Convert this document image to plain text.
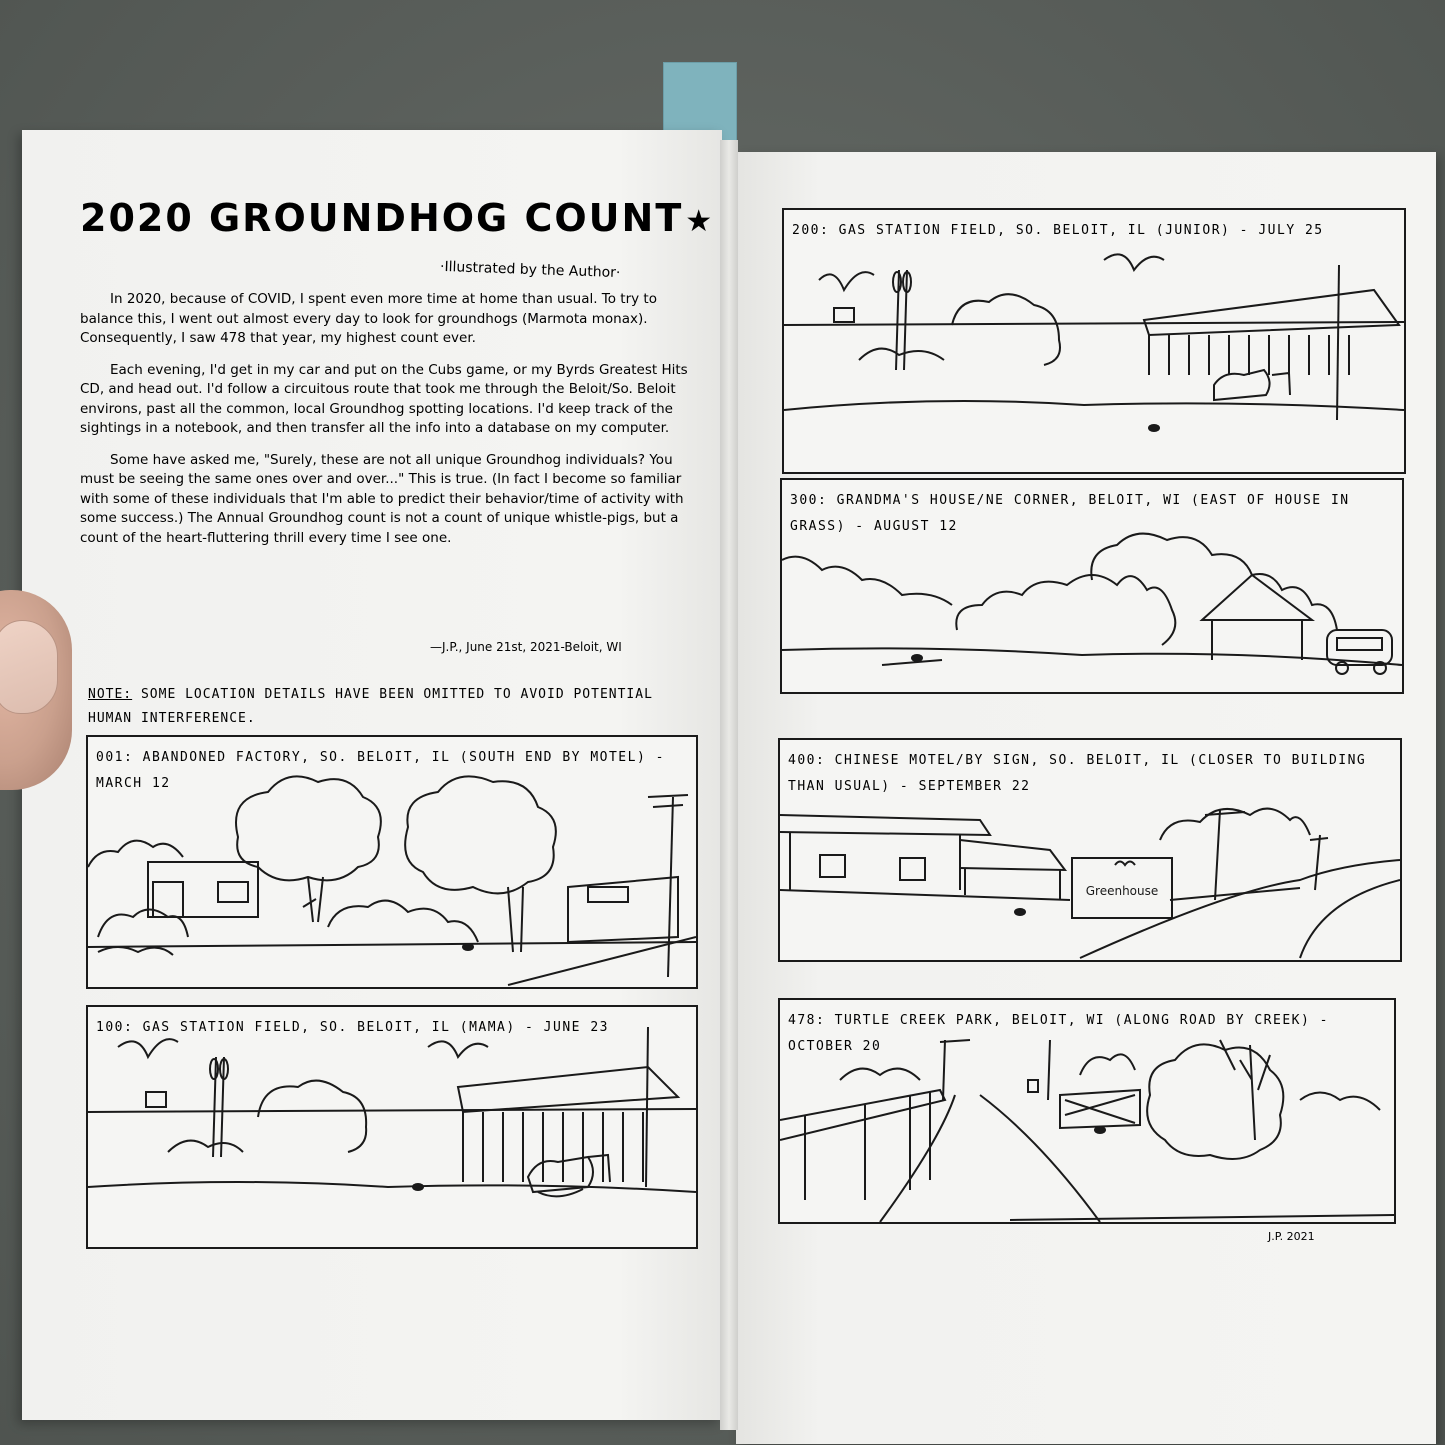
2020 GROUNDHOG COUNT★
·Illustrated by the Author·

In 2020, because of COVID, I spent even more time at home than usual. To try to balance this, I went out almost every day to look for groundhogs (Marmota monax). Consequently, I saw 478 that year, my highest count ever.

Each evening, I'd get in my car and put on the Cubs game, or my Byrds Greatest Hits CD, and head out. I'd follow a circuitous route that took me through the Beloit/So. Beloit environs, past all the common, local Groundhog spotting locations. I'd keep track of the sightings in a notebook, and then transfer all the info into a database on my computer.

Some have asked me, "Surely, these are not all unique Groundhog individuals? You must be seeing the same ones over and over..." This is true. (In fact I become so familiar with some of these individuals that I'm able to predict their behavior/time of activity with some success.) The Annual Groundhog count is not a count of unique whistle-pigs, but a count of the heart-fluttering thrill every time I see one.

—J.P., June 21st, 2021-Beloit, WI
NOTE: SOME LOCATION DETAILS HAVE BEEN OMITTED TO AVOID POTENTIAL HUMAN INTERFERENCE.
001: ABANDONED FACTORY, SO. BELOIT, IL (SOUTH END BY MOTEL) - MARCH 12
100: GAS STATION FIELD, SO. BELOIT, IL (MAMA) - JUNE 23
200: GAS STATION FIELD, SO. BELOIT, IL (JUNIOR) - JULY 25
300: GRANDMA'S HOUSE/NE CORNER, BELOIT, WI (EAST OF HOUSE IN GRASS) - AUGUST 12
400: CHINESE MOTEL/BY SIGN, SO. BELOIT, IL (CLOSER TO BUILDING THAN USUAL) - SEPTEMBER 22
Greenhouse
478: TURTLE CREEK PARK, BELOIT, WI (ALONG ROAD BY CREEK) - OCTOBER 20
J.P. 2021
